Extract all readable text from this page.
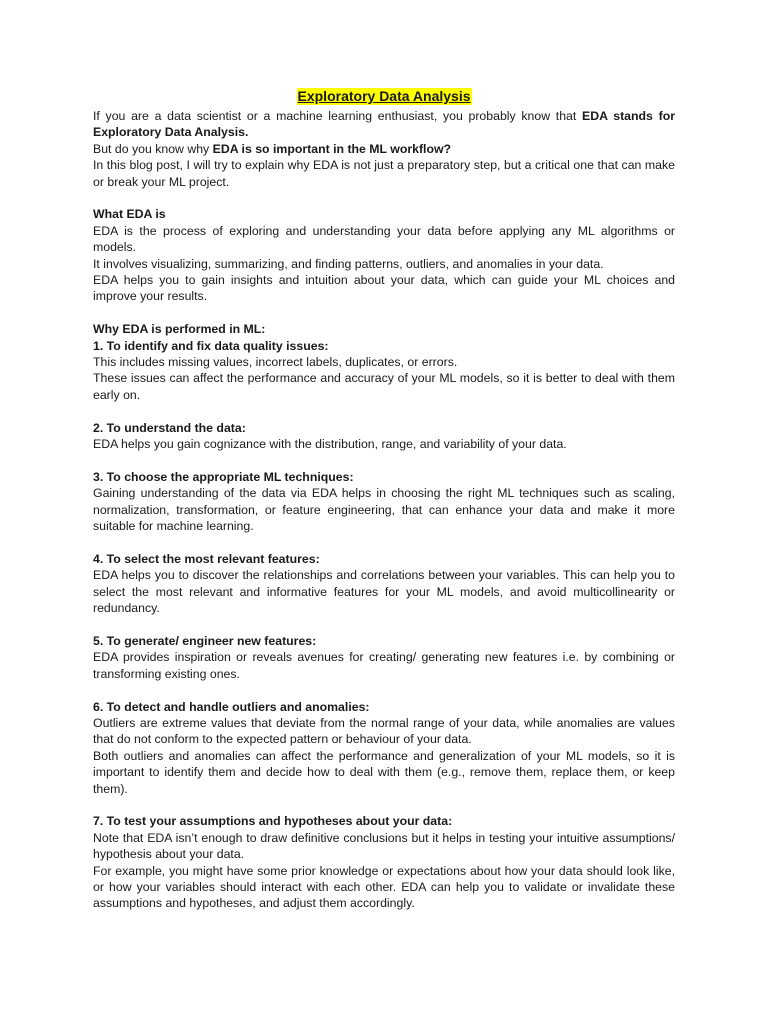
Exploratory Data Analysis

If you are a data scientist or a machine learning enthusiast, you probably know that EDA stands for Exploratory Data Analysis.

But do you know why EDA is so important in the ML workflow?

In this blog post, I will try to explain why EDA is not just a preparatory step, but a critical one that can make or break your ML project.

What EDA is

EDA is the process of exploring and understanding your data before applying any ML algorithms or models.

It involves visualizing, summarizing, and finding patterns, outliers, and anomalies in your data.

EDA helps you to gain insights and intuition about your data, which can guide your ML choices and improve your results.

Why EDA is performed in ML:

1. To identify and fix data quality issues:

This includes missing values, incorrect labels, duplicates, or errors.

These issues can affect the performance and accuracy of your ML models, so it is better to deal with them early on.

2. To understand the data:

EDA helps you gain cognizance with the distribution, range, and variability of your data.

3. To choose the appropriate ML techniques:

Gaining understanding of the data via EDA helps in choosing the right ML techniques such as scaling, normalization, transformation, or feature engineering, that can enhance your data and make it more suitable for machine learning.

4. To select the most relevant features:

EDA helps you to discover the relationships and correlations between your variables. This can help you to select the most relevant and informative features for your ML models, and avoid multicollinearity or redundancy.

5. To generate/ engineer new features:

EDA provides inspiration or reveals avenues for creating/ generating new features i.e. by combining or transforming existing ones.

6. To detect and handle outliers and anomalies:

Outliers are extreme values that deviate from the normal range of your data, while anomalies are values that do not conform to the expected pattern or behaviour of your data.

Both outliers and anomalies can affect the performance and generalization of your ML models, so it is important to identify them and decide how to deal with them (e.g., remove them, replace them, or keep them).

7. To test your assumptions and hypotheses about your data:

Note that EDA isn’t enough to draw definitive conclusions but it helps in testing your intuitive assumptions/ hypothesis about your data.

For example, you might have some prior knowledge or expectations about how your data should look like, or how your variables should interact with each other. EDA can help you to validate or invalidate these assumptions and hypotheses, and adjust them accordingly.
